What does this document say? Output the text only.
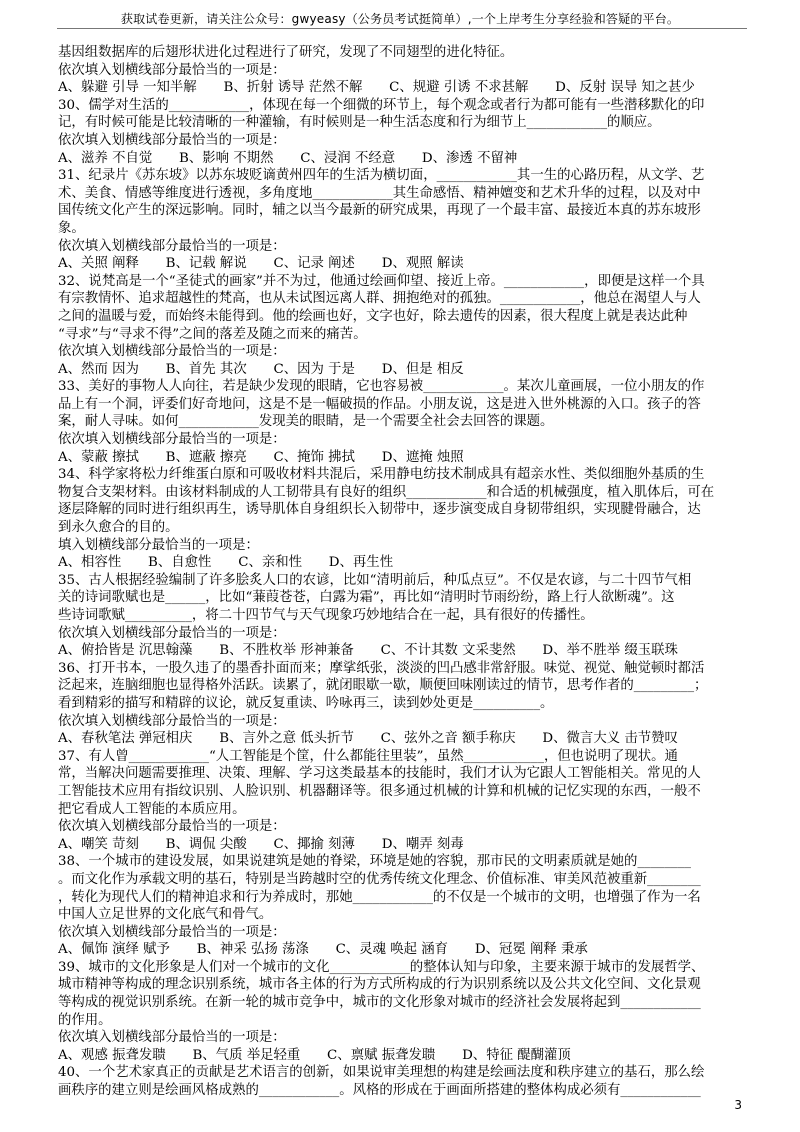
获取试卷更新，请关注公众号：gwyeasy（公务员考试挺简单）,一个上岸考生分享经验和答疑的平台。
基因组数据库的后翅形状进化过程进行了研究，发现了不同翅型的进化特征。
依次填入划横线部分最恰当的一项是：
A、躲避 引导 一知半解　　B、折射 诱导 茫然不解　　C、规避 引诱 不求甚解　　D、反射 误导 知之甚少
30、儒学对生活的____________，体现在每一个细微的环节上，每个观念或者行为都可能有一些潜移默化的印
记，有时候可能是比较清晰的一种灌输，有时候则是一种生活态度和行为细节上____________的顺应。
依次填入划横线部分最恰当的一项是：
A、滋养 不自觉　　B、影响 不期然　　C、浸润 不经意　　D、渗透 不留神
31、纪录片《苏东坡》以苏东坡贬谪黄州四年的生活为横切面，____________其一生的心路历程，从文学、艺
术、美食、情感等维度进行透视，多角度地____________其生命感悟、精神嬗变和艺术升华的过程，以及对中
国传统文化产生的深远影响。同时，辅之以当今最新的研究成果，再现了一个最丰富、最接近本真的苏东坡形
象。
依次填入划横线部分最恰当的一项是：
A、关照 阐释　　B、记载 解说　　C、记录 阐述　　D、观照 解读
32、说梵高是一个“圣徒式的画家”并不为过，他通过绘画仰望、接近上帝。____________，即便是这样一个具
有宗教情怀、追求超越性的梵高，也从未试图远离人群、拥抱绝对的孤独。____________，他总在渴望人与人
之间的温暖与爱，而始终未能得到。他的绘画也好，文字也好，除去遗传的因素，很大程度上就是表达此种
“寻求”与“寻求不得”之间的落差及随之而来的痛苦。
依次填入划横线部分最恰当的一项是：
A、然而 因为　　B、首先 其次　　C、因为 于是　　D、但是 相反
33、美好的事物人人向往，若是缺少发现的眼睛，它也容易被____________。某次儿童画展，一位小朋友的作
品上有一个洞，评委们好奇地问，这是不是一幅破损的作品。小朋友说，这是进入世外桃源的入口。孩子的答
案，耐人寻味。如何____________发现美的眼睛，是一个需要全社会去回答的课题。
依次填入划横线部分最恰当的一项是：
A、蒙蔽 擦拭　　B、遮蔽 擦亮　　C、掩饰 拂拭　　D、遮掩 烛照
34、科学家将松力纤维蛋白原和可吸收材料共混后，采用静电纺技术制成具有超亲水性、类似细胞外基质的生
物复合支架材料。由该材料制成的人工韧带具有良好的组织____________和合适的机械强度，植入肌体后，可在
逐层降解的同时进行组织再生，诱导肌体自身组织长入韧带中，逐步演变成自身韧带组织，实现腱骨融合，达
到永久愈合的目的。
填入划横线部分最恰当的一项是：
A、相容性　　B、自愈性　　C、亲和性　　D、再生性
35、古人根据经验编制了许多脍炙人口的农谚，比如“清明前后，种瓜点豆”。不仅是农谚，与二十四节气相
关的诗词歌赋也是______，比如“蒹葭苍苍，白露为霜”，再比如“清明时节雨纷纷，路上行人欲断魂”。这
些诗词歌赋__________，将二十四节气与天气现象巧妙地结合在一起，具有很好的传播性。
依次填入划横线部分最恰当的一项是：
A、俯拾皆是 沉思翰藻　　B、不胜枚举 形神兼备　　C、不计其数 文采斐然　　D、举不胜举 缀玉联珠
36、打开书本，一股久违了的墨香扑面而来；摩挲纸张，淡淡的凹凸感非常舒服。味觉、视觉、触觉顿时都活
泛起来，连脑细胞也显得格外活跃。读累了，就闭眼歇一歇，顺便回味刚读过的情节，思考作者的_________；
看到精彩的描写和精辟的议论，就反复重读、吟咏再三，读到妙处更是__________。
依次填入划横线部分最恰当的一项是：
A、春秋笔法 弹冠相庆　　B、言外之意 低头折节　　C、弦外之音 额手称庆　　D、微言大义 击节赞叹
37、有人曾____________“人工智能是个筐，什么都能往里装”，虽然____________，但也说明了现状。通
常，当解决问题需要推理、决策、理解、学习这类最基本的技能时，我们才认为它跟人工智能相关。常见的人
工智能技术应用有指纹识别、人脸识别、机器翻译等。很多通过机械的计算和机械的记忆实现的东西，一般不
把它看成人工智能的本质应用。
依次填入划横线部分最恰当的一项是：
A、嘲笑 苛刻　　B、调侃 尖酸　　C、揶揄 刻薄　　D、嘲弄 刻毒
38、一个城市的建设发展，如果说建筑是她的脊梁，环境是她的容貌，那市民的文明素质就是她的________
。而文化作为承载文明的基石，特别是当跨越时空的优秀传统文化理念、价值标准、审美风范被重新________
，转化为现代人们的精神追求和行为养成时，那她____________的不仅是一个城市的文明，也增强了作为一名
中国人立足世界的文化底气和骨气。
依次填入划横线部分最恰当的一项是：
A、佩饰 演绎 赋予　　B、神采 弘扬 荡涤　　C、灵魂 唤起 涵育　　D、冠冕 阐释 秉承
39、城市的文化形象是人们对一个城市的文化____________的整体认知与印象，主要来源于城市的发展哲学、
城市精神等构成的理念识别系统，城市各主体的行为方式所构成的行为识别系统以及公共文化空间、文化景观
等构成的视觉识别系统。在新一轮的城市竞争中，城市的文化形象对城市的经济社会发展将起到____________
的作用。
依次填入划横线部分最恰当的一项是：
A、观感 振聋发聩　　B、气质 举足轻重　　C、禀赋 振聋发聩　　D、特征 醍醐灌顶
40、一个艺术家真正的贡献是艺术语言的创新，如果说审美理想的构建是绘画法度和秩序建立的基石，那么绘
画秩序的建立则是绘画风格成熟的____________。风格的形成在于画面所搭建的整体构成必须有____________
3
